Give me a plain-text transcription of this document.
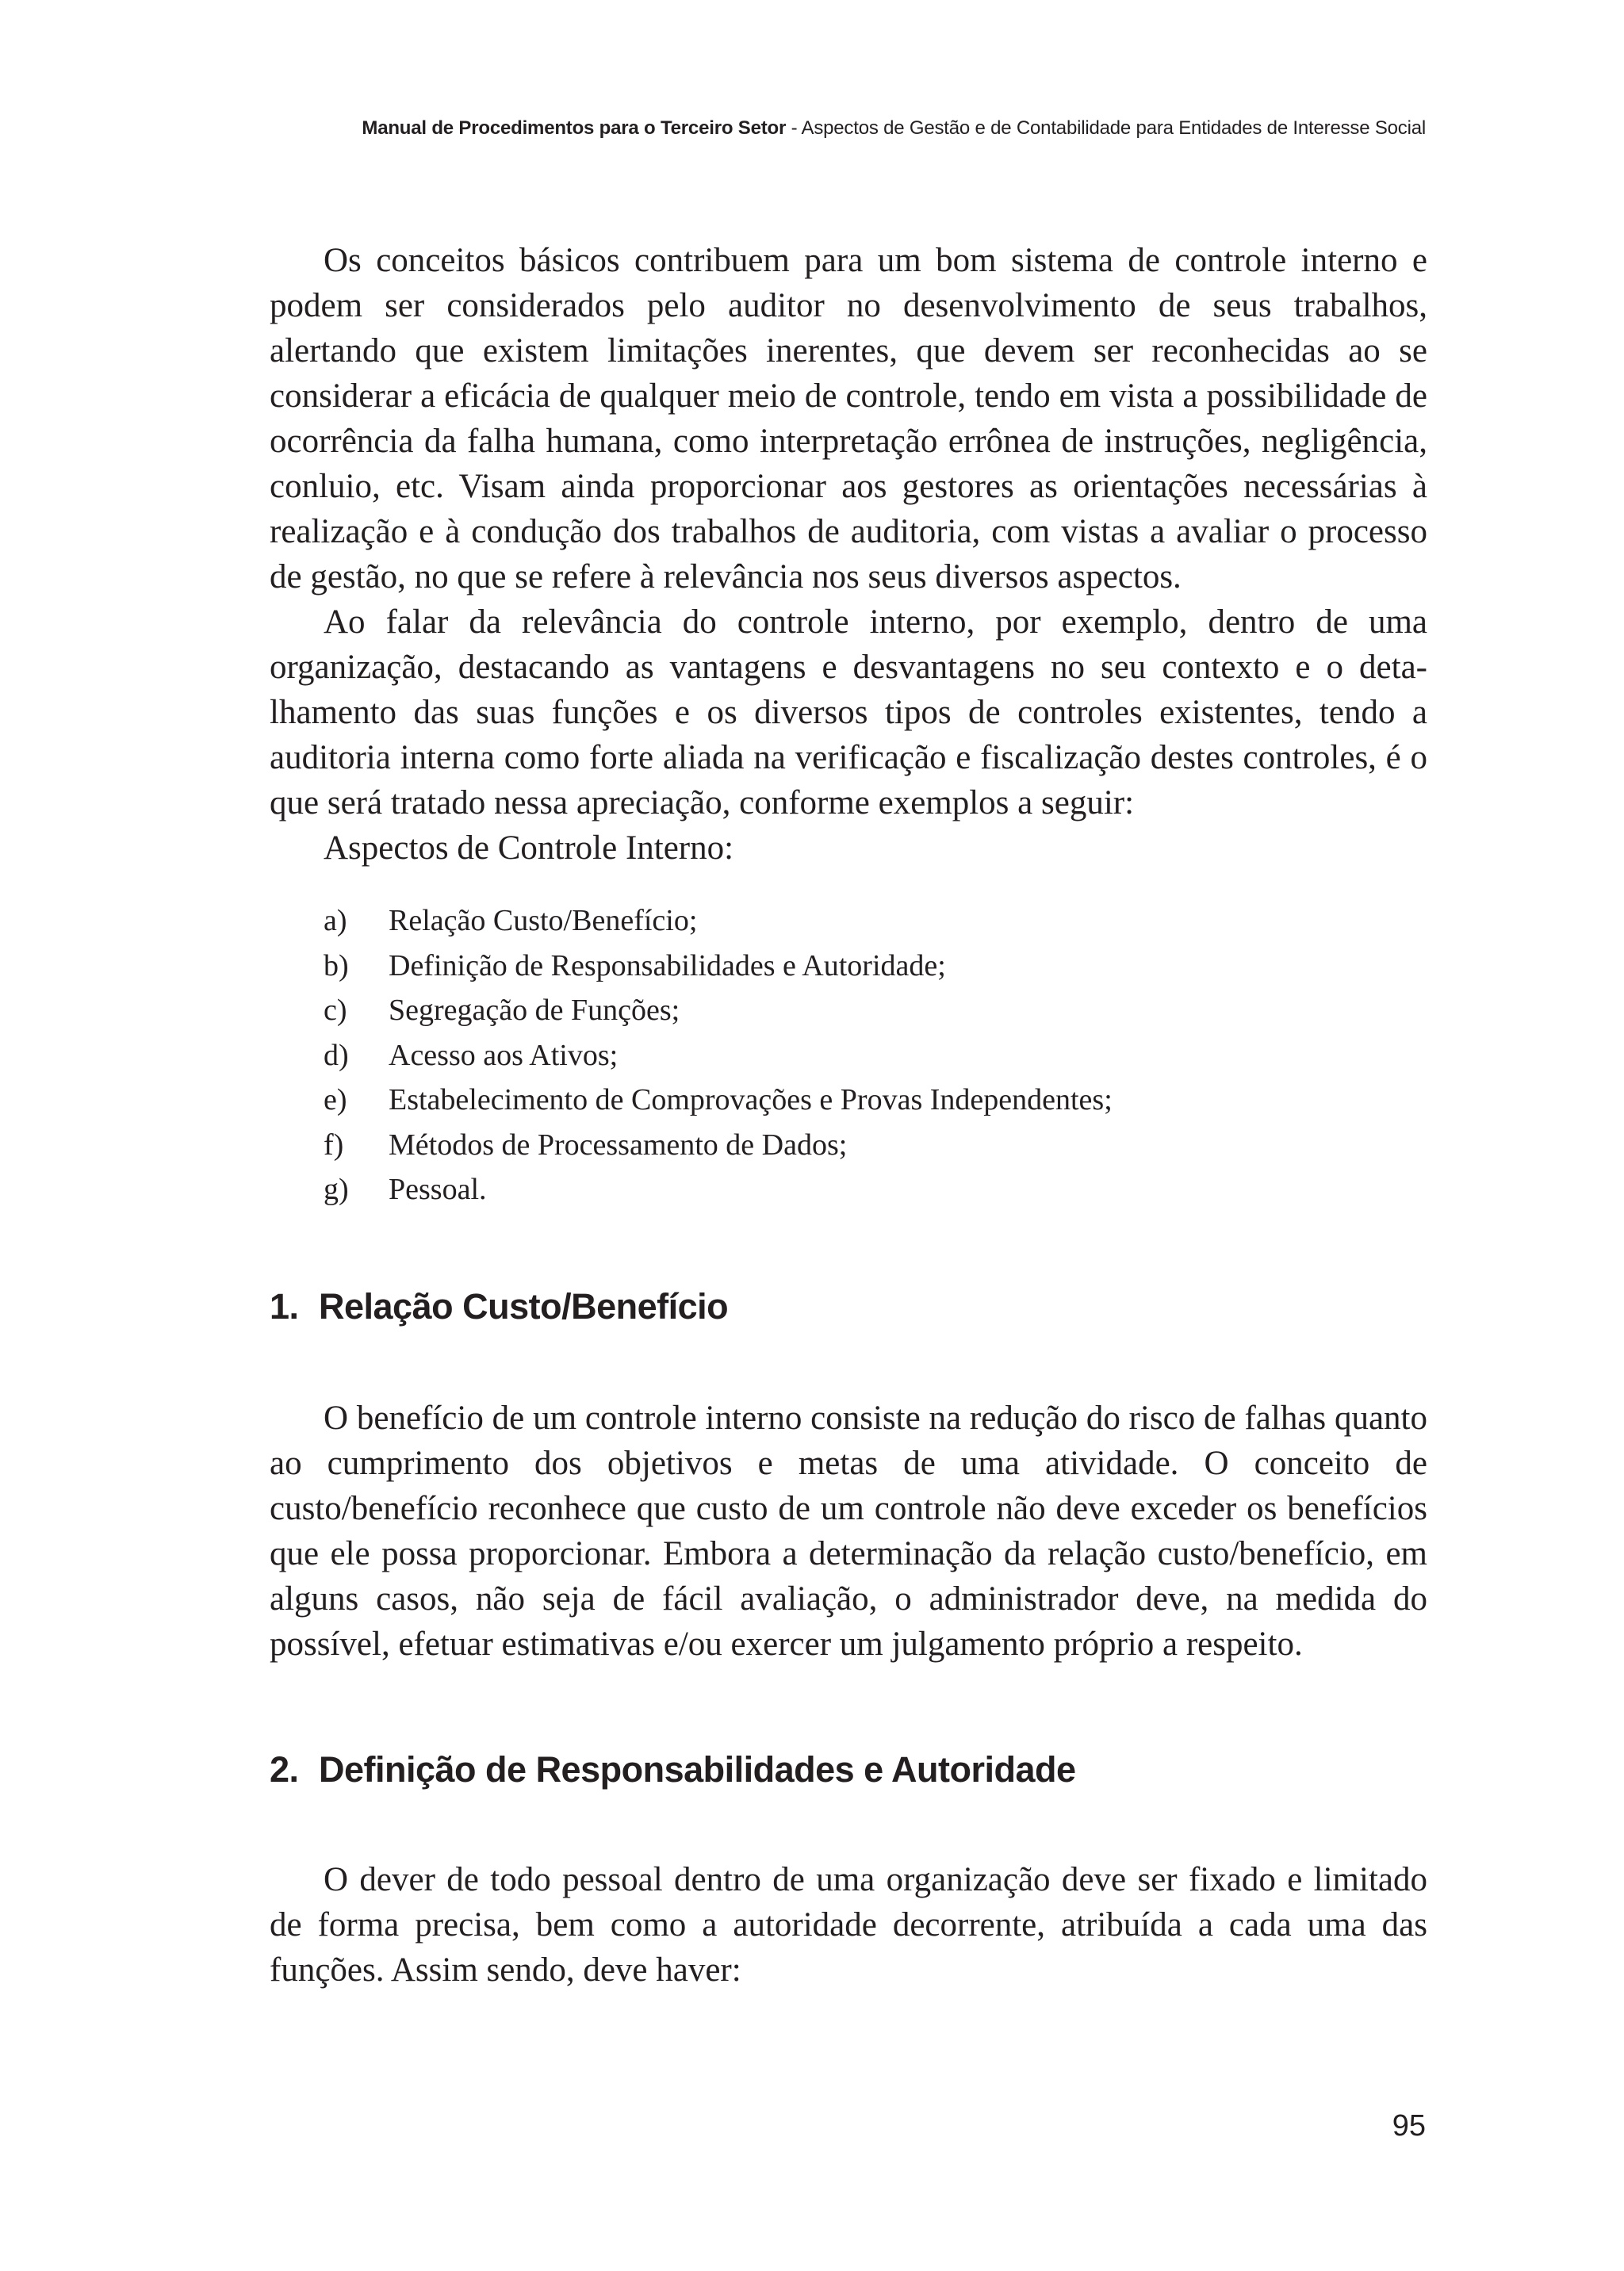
Manual de Procedimentos para o Terceiro Setor - Aspectos de Gestão e de Contabilidade para Entidades de Interesse Social

Os conceitos básicos contribuem para um bom sistema de controle interno e podem ser considerados pelo auditor no desenvolvimento de seus trabalhos, alertando que existem limitações inerentes, que devem ser reconhecidas ao se considerar a eficácia de qualquer meio de controle, tendo em vista a possibilidade de ocorrência da falha humana, como interpretação errônea de instruções, negligência, conluio, etc. Visam ainda proporcionar aos gestores as orientações necessárias à realização e à condução dos trabalhos de auditoria, com vistas a avaliar o processo de gestão, no que se refere à relevância nos seus diversos aspectos.

Ao falar da relevância do controle interno, por exemplo, dentro de uma organização, destacando as vantagens e desvantagens no seu contexto e o detalhamento das suas funções e os diversos tipos de controles existentes, tendo a auditoria interna como forte aliada na verificação e fiscalização destes controles, é o que será tratado nessa apreciação, conforme exemplos a seguir:

Aspectos de Controle Interno:
a)	Relação Custo/Benefício;
b)	Definição de Responsabilidades e Autoridade;
c)	Segregação de Funções;
d)	Acesso aos Ativos;
e)	Estabelecimento de Comprovações e Provas Independentes;
f)	Métodos de Processamento de Dados;
g)	Pessoal.
1. Relação Custo/Benefício

O benefício de um controle interno consiste na redução do risco de falhas quanto ao cumprimento dos objetivos e metas de uma atividade. O conceito de custo/benefício reconhece que custo de um controle não deve exceder os benefícios que ele possa proporcionar. Embora a determinação da relação custo/benefício, em alguns casos, não seja de fácil avaliação, o administrador deve, na medida do possível, efetuar estimativas e/ou exercer um julgamento próprio a respeito.

2. Definição de Responsabilidades e Autoridade

O dever de todo pessoal dentro de uma organização deve ser fixado e limitado de forma precisa, bem como a autoridade decorrente, atribuída a cada uma das funções. Assim sendo, deve haver:

95
